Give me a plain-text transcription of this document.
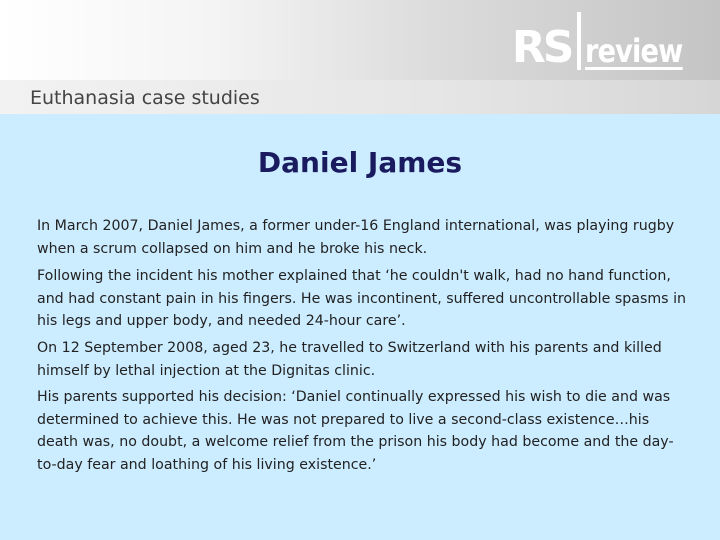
RS review
Euthanasia case studies
Daniel James

In March 2007, Daniel James, a former under-16 England international, was playing rugby when a scrum collapsed on him and he broke his neck.

Following the incident his mother explained that ‘he couldn't walk, had no hand function, and had constant pain in his fingers. He was incontinent, suffered uncontrollable spasms in his legs and upper body, and needed 24-hour care’.

On 12 September 2008, aged 23, he travelled to Switzerland with his parents and killed himself by lethal injection at the Dignitas clinic.

His parents supported his decision: ‘Daniel continually expressed his wish to die and was determined to achieve this. He was not prepared to live a second-class existence…his death was, no doubt, a welcome relief from the prison his body had become and the day-to-day fear and loathing of his living existence.’
